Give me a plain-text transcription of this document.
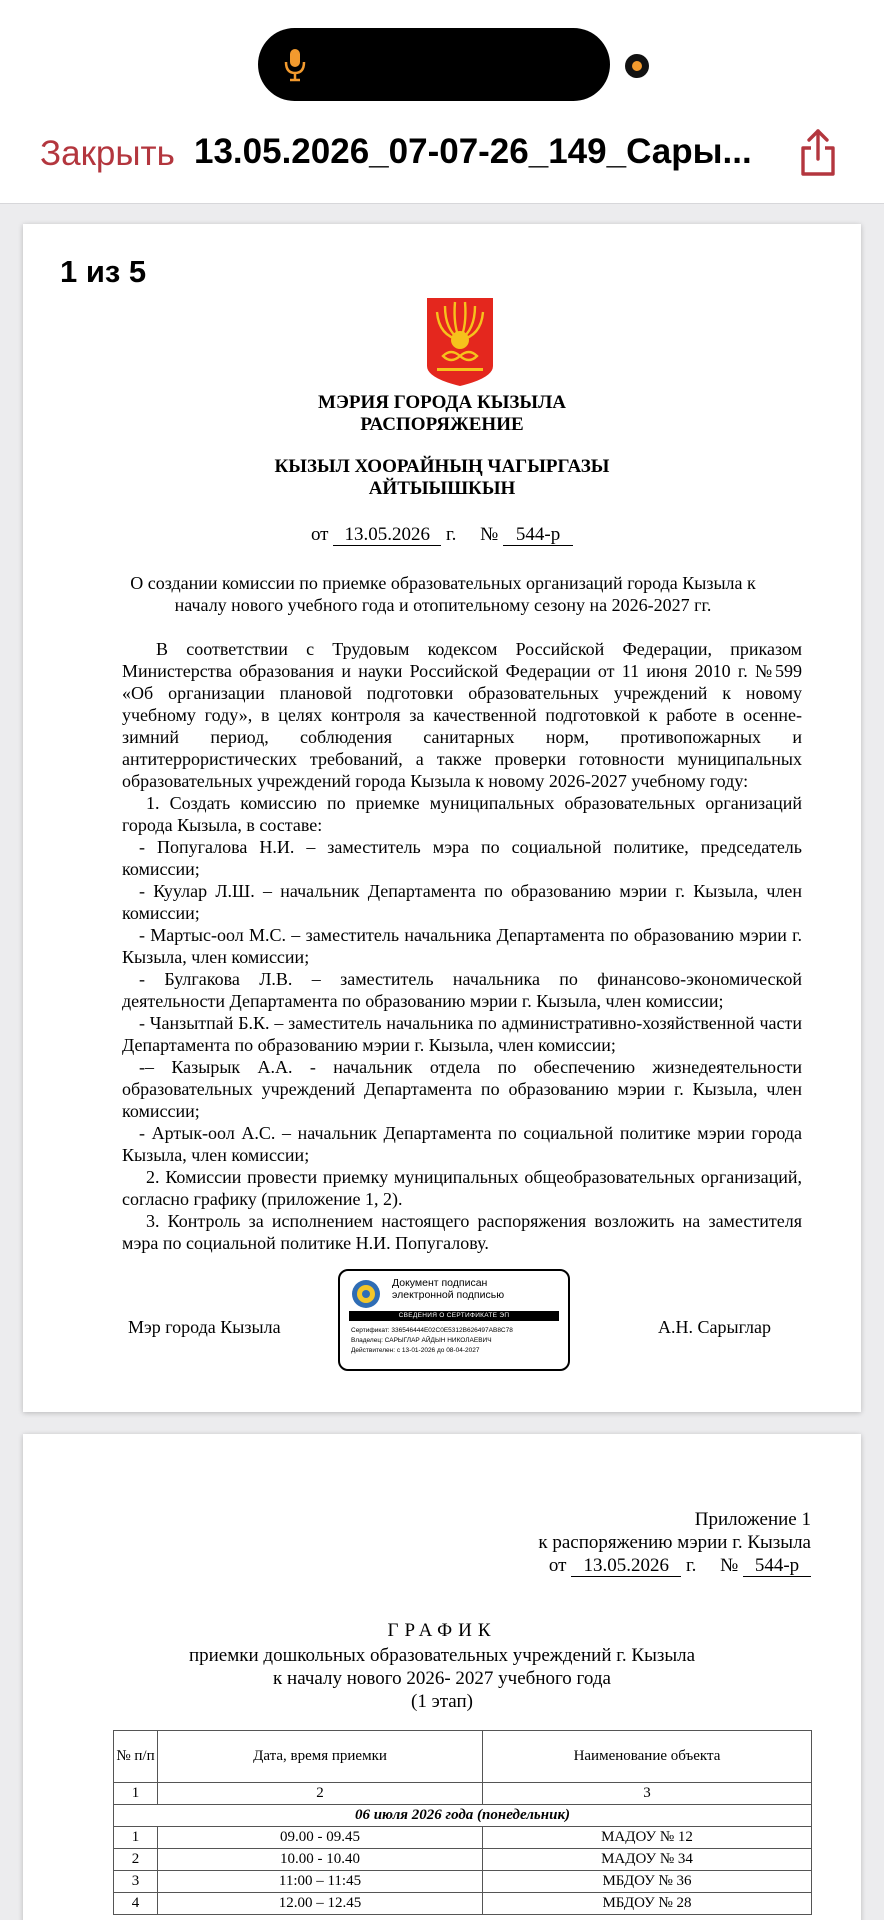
Закрыть 13.05.2026_07-07-26_149_Сары...
1 из 5
МЭРИЯ ГОРОДА КЫЗЫЛА
РАСПОРЯЖЕНИЕ
КЫЗЫЛ ХООРАЙНЫҢ ЧАГЫРГАЗЫ
АЙТЫЫШКЫН
от 13.05.2026 г. № 544-р
О создании комиссии по приемке образовательных организаций города Кызыла к началу нового учебного года и отопительному сезону на 2026-2027 гг.

В соответствии с Трудовым кодексом Российской Федерации, приказом Министерства образования и науки Российской Федерации от 11 июня 2010 г. №599 «Об организации плановой подготовки образовательных учреждений к новому учебному году», в целях контроля за качественной подготовкой к работе в осенне-зимний период, соблюдения санитарных норм, противопожарных и антитеррористических требований, а также проверки готовности муниципальных образовательных учреждений города Кызыла к новому 2026-2027 учебному году:

1. Создать комиссию по приемке муниципальных образовательных организаций города Кызыла, в составе:

- Попугалова Н.И. – заместитель мэра по социальной политике, председатель комиссии;

- Куулар Л.Ш. – начальник Департамента по образованию мэрии г. Кызыла, член комиссии;

- Мартыс-оол М.С. – заместитель начальника Департамента по образованию мэрии г. Кызыла, член комиссии;

- Булгакова Л.В. – заместитель начальника по финансово-экономической деятельности Департамента по образованию мэрии г. Кызыла, член комиссии;

- Чанзытпай Б.К. – заместитель начальника по административно-хозяйственной части Департамента по образованию мэрии г. Кызыла, член комиссии;

-– Казырык А.А. - начальник отдела по обеспечению жизнедеятельности образовательных учреждений Департамента по образованию мэрии г. Кызыла, член комиссии;

- Артык-оол А.С. – начальник Департамента по социальной политике мэрии города Кызыла, член комиссии;

2. Комиссии провести приемку муниципальных общеобразовательных организаций, согласно графику (приложение 1, 2).

3. Контроль за исполнением настоящего распоряжения возложить на заместителя мэра по социальной политике Н.И. Попугалову.

Мэр города Кызыла
Документ подписан
электронной подписью
СВЕДЕНИЯ О СЕРТИФИКАТЕ ЭП
Сертификат: 336546444E02C0E5312B626497AB8C78
Владелец: САРЫГЛАР АЙДЫН НИКОЛАЕВИЧ
Действителен: с 13-01-2026 до 08-04-2027
А.Н. Сарыглар
Приложение 1
к распоряжению мэрии г. Кызыла
от 13.05.2026 г. № 544-р
ГРАФИК
приемки дошкольных образовательных учреждений г. Кызыла
к началу нового 2026- 2027 учебного года
(1 этап)
№ п/п	Дата, время приемки	Наименование объекта
1	2	3
06 июля 2026 года (понедельник)		
1	09.00 - 09.45	МАДОУ № 12
2	10.00 - 10.40	МАДОУ № 34
3	11:00 – 11:45	МБДОУ № 36
4	12.00 – 12.45	МБДОУ № 28
